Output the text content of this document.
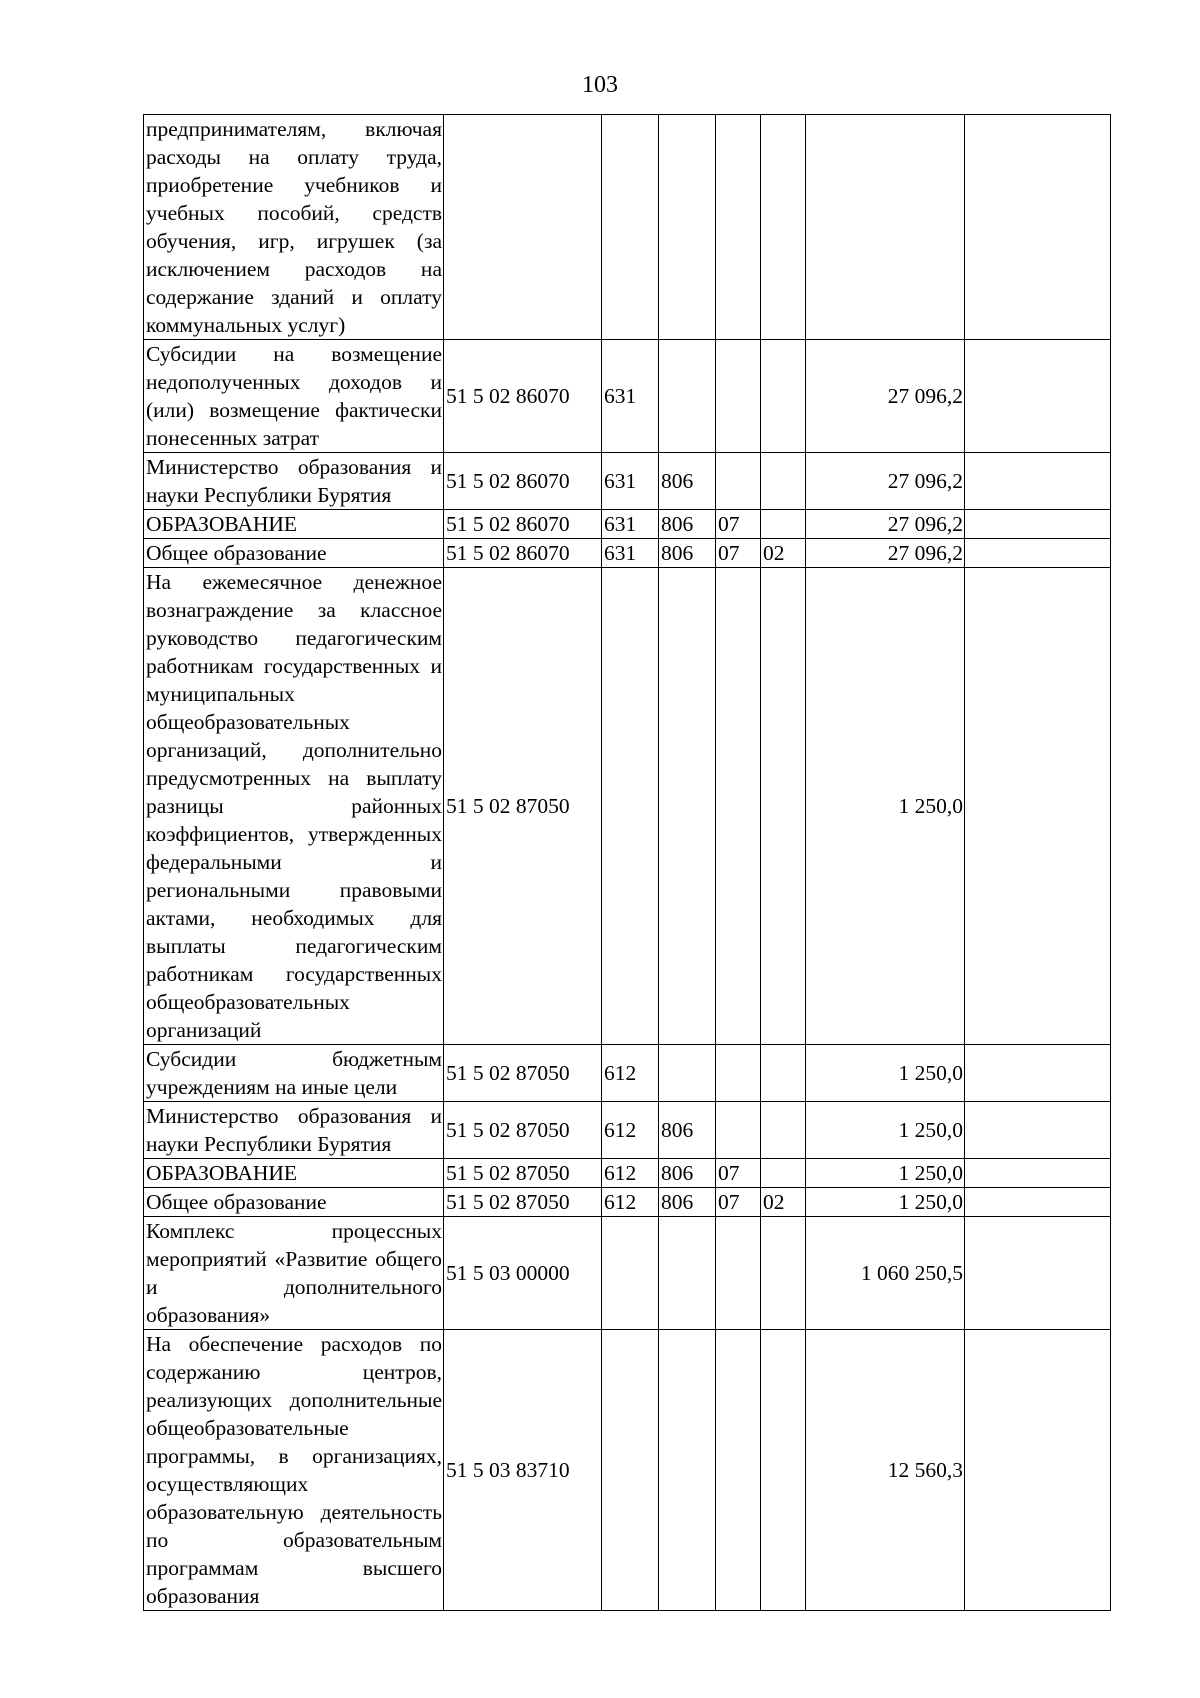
103
предпринимателям, включая расходы на оплату труда, приобретение учебников и учебных пособий, средств обучения, игр, игрушек (за исключением расходов на содержание зданий и оплату коммунальных услуг)							
Субсидии на возмещение недополученных доходов и (или) возмещение фактически понесенных затрат	51 5 02 86070	631				27 096,2	
Министерство образования и науки Республики Бурятия	51 5 02 86070	631	806			27 096,2	
ОБРАЗОВАНИЕ	51 5 02 86070	631	806	07		27 096,2	
Общее образование	51 5 02 86070	631	806	07	02	27 096,2	
На ежемесячное денежное вознаграждение за классное руководство педагогическим работникам государственных и муниципальных общеобразовательных организаций, дополнительно предусмотренных на выплату разницы районных коэффициентов, утвержденных федеральными и региональными правовыми актами, необходимых для выплаты педагогическим работникам государственных общеобразовательных организаций	51 5 02 87050					1 250,0	
Субсидии бюджетным учреждениям на иные цели	51 5 02 87050	612				1 250,0	
Министерство образования и науки Республики Бурятия	51 5 02 87050	612	806			1 250,0	
ОБРАЗОВАНИЕ	51 5 02 87050	612	806	07		1 250,0	
Общее образование	51 5 02 87050	612	806	07	02	1 250,0	
Комплекс процессных мероприятий «Развитие общего и дополнительного образования»	51 5 03 00000					1 060 250,5	
На обеспечение расходов по содержанию центров, реализующих дополнительные общеобразовательные программы, в организациях, осуществляющих образовательную деятельность по образовательным программам высшего образования	51 5 03 83710					12 560,3	
